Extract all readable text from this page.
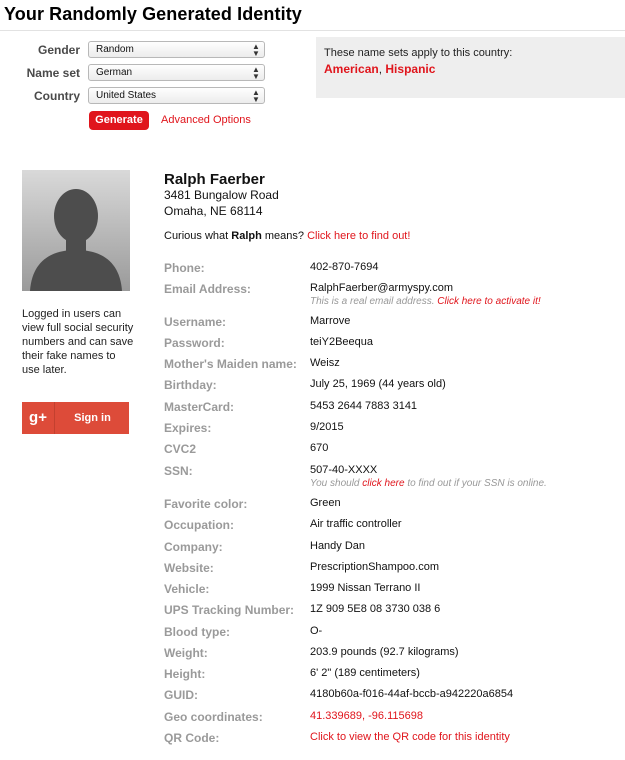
Your Randomly Generated Identity
Gender	Random	▲
▼
Name set	German	▲
▼
Country	United States	▲
▼
Generate	Advanced Options
These name sets apply to this country:
American, Hispanic
Logged in users can view full social security numbers and can save their fake names to use later.
g+	Sign in
Ralph Faerber
3481 Bungalow Road
Omaha, NE 68114
Curious what Ralph means? Click here to find out!
Phone:	402-870-7694
Email Address:	RalphFaerber@armyspy.com
This is a real email address. Click here to activate it!
Username:	Marrove
Password:	teiY2Beequa
Mother's Maiden name: Weisz
Birthday:	July 25, 1969 (44 years old)
MasterCard:	5453 2644 7883 3141
Expires:	9/2015
CVC2	670
SSN:	507-40-XXXX
You should click here to find out if your SSN is online.
Favorite color:	Green
Occupation:	Air traffic controller
Company:	Handy Dan
Website:	PrescriptionShampoo.com
Vehicle:	1999 Nissan Terrano II
UPS Tracking Number: 1Z 909 5E8 08 3730 038 6
Blood type:	O-
Weight:	203.9 pounds (92.7 kilograms)
Height:	6' 2" (189 centimeters)
GUID:	4180b60a-f016-44af-bccb-a942220a6854
Geo coordinates:	41.339689, -96.115698
QR Code:	Click to view the QR code for this identity
